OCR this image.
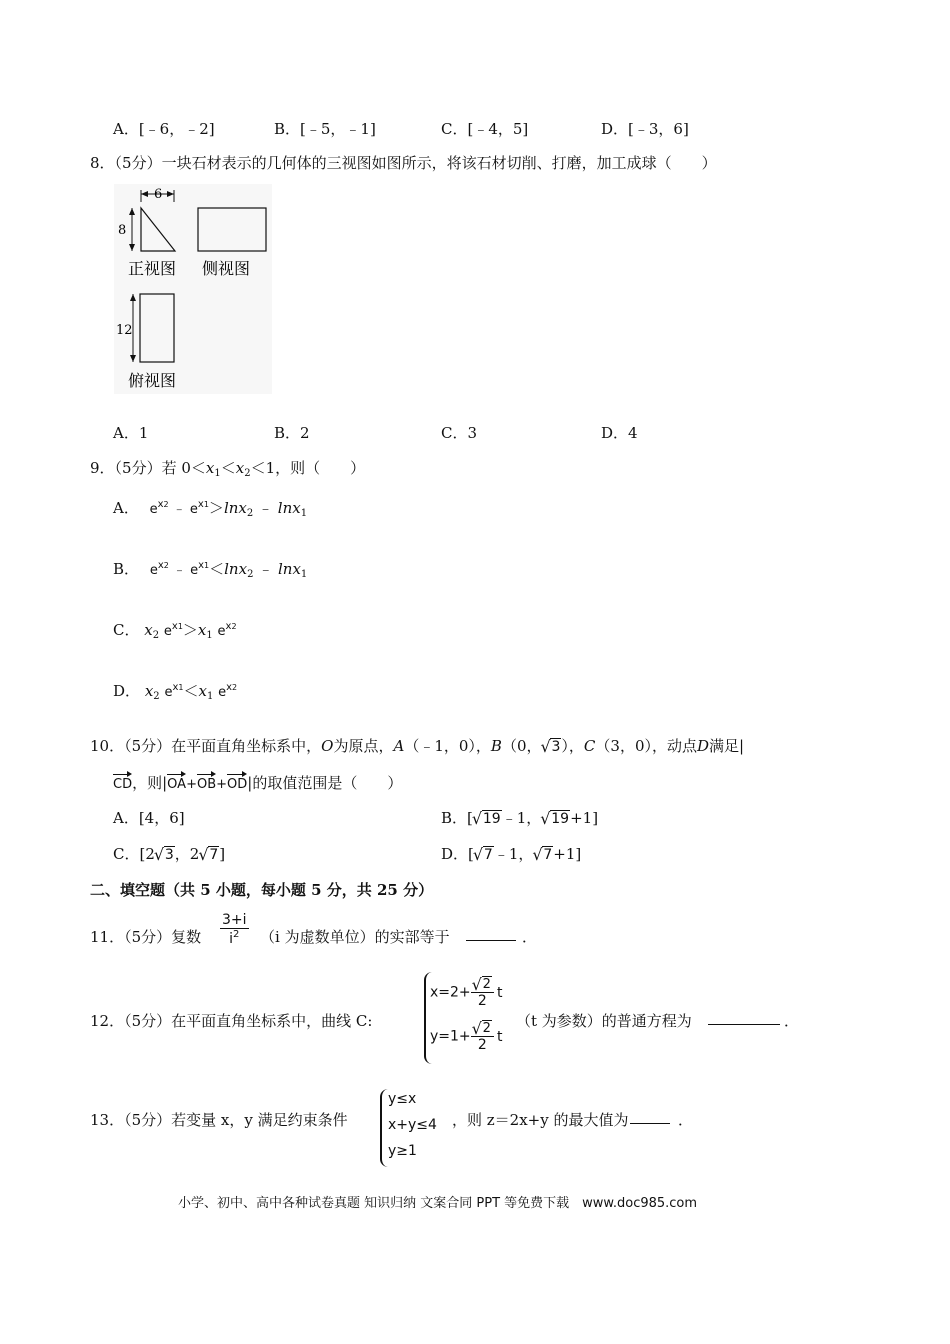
A．[﹣6，﹣2]	B．[﹣5，﹣1]	C．[﹣4，5]	D．[﹣3，6]
8．（5分）一块石材表示的几何体的三视图如图所示，将该石材切削、打磨，加工成球（　　）
6
8
正视图 侧视图
12
俯视图
A．1	B．2	C．3	D．4
9．（5分）若 $0<x_1<x_2<1$，则（　　）
A． $e^{x2}$ ﹣ $e^{x1}>\ln x_2$ ﹣ lnx$_1$
B． $e^{x2}$ ﹣ $e^{x1}<\ln x_2$ ﹣ lnx$_1$
C． $x_2$ $e^{x1}>x_1$ $e^{x2}$
D． $x_2$ $e^{x1}<x_1$ $e^{x2}$
10．（5分）在平面直角坐标系中，O为原点，A（﹣1，0），B（0， √ 3），C（3，0），动点D满足|
CD，则|OA+OB+OD|的取值范围是（　　）
A．[4，6]	B．[ √ 19﹣1， √ 19+1]
C．[2 √ 3，2 √ 7]	D．[ √ 7﹣1， √ 7+1]
二、填空题（共 5 小题，每小题 5 分，共 25 分）
11．（5分）复数 $\frac{3+i}{i^2} (i$ 为虚数单位）的实部等于	．
12．（5分）在平面直角坐标系中，曲线 C:
x=2+ √ $\frac{2}{2}$ t
y=1+ √ $\frac{2}{2}$ t
（t 为参数）的普通方程为	．
13．（5分）若变量 x，y 满足约束条件
y≤x
x+y≤4
y≥1
，则 z＝2x+y 的最大值为	．
小学、初中、高中各种试卷真题 知识归纳 文案合同 PPT 等免费下载　www.doc985.com
